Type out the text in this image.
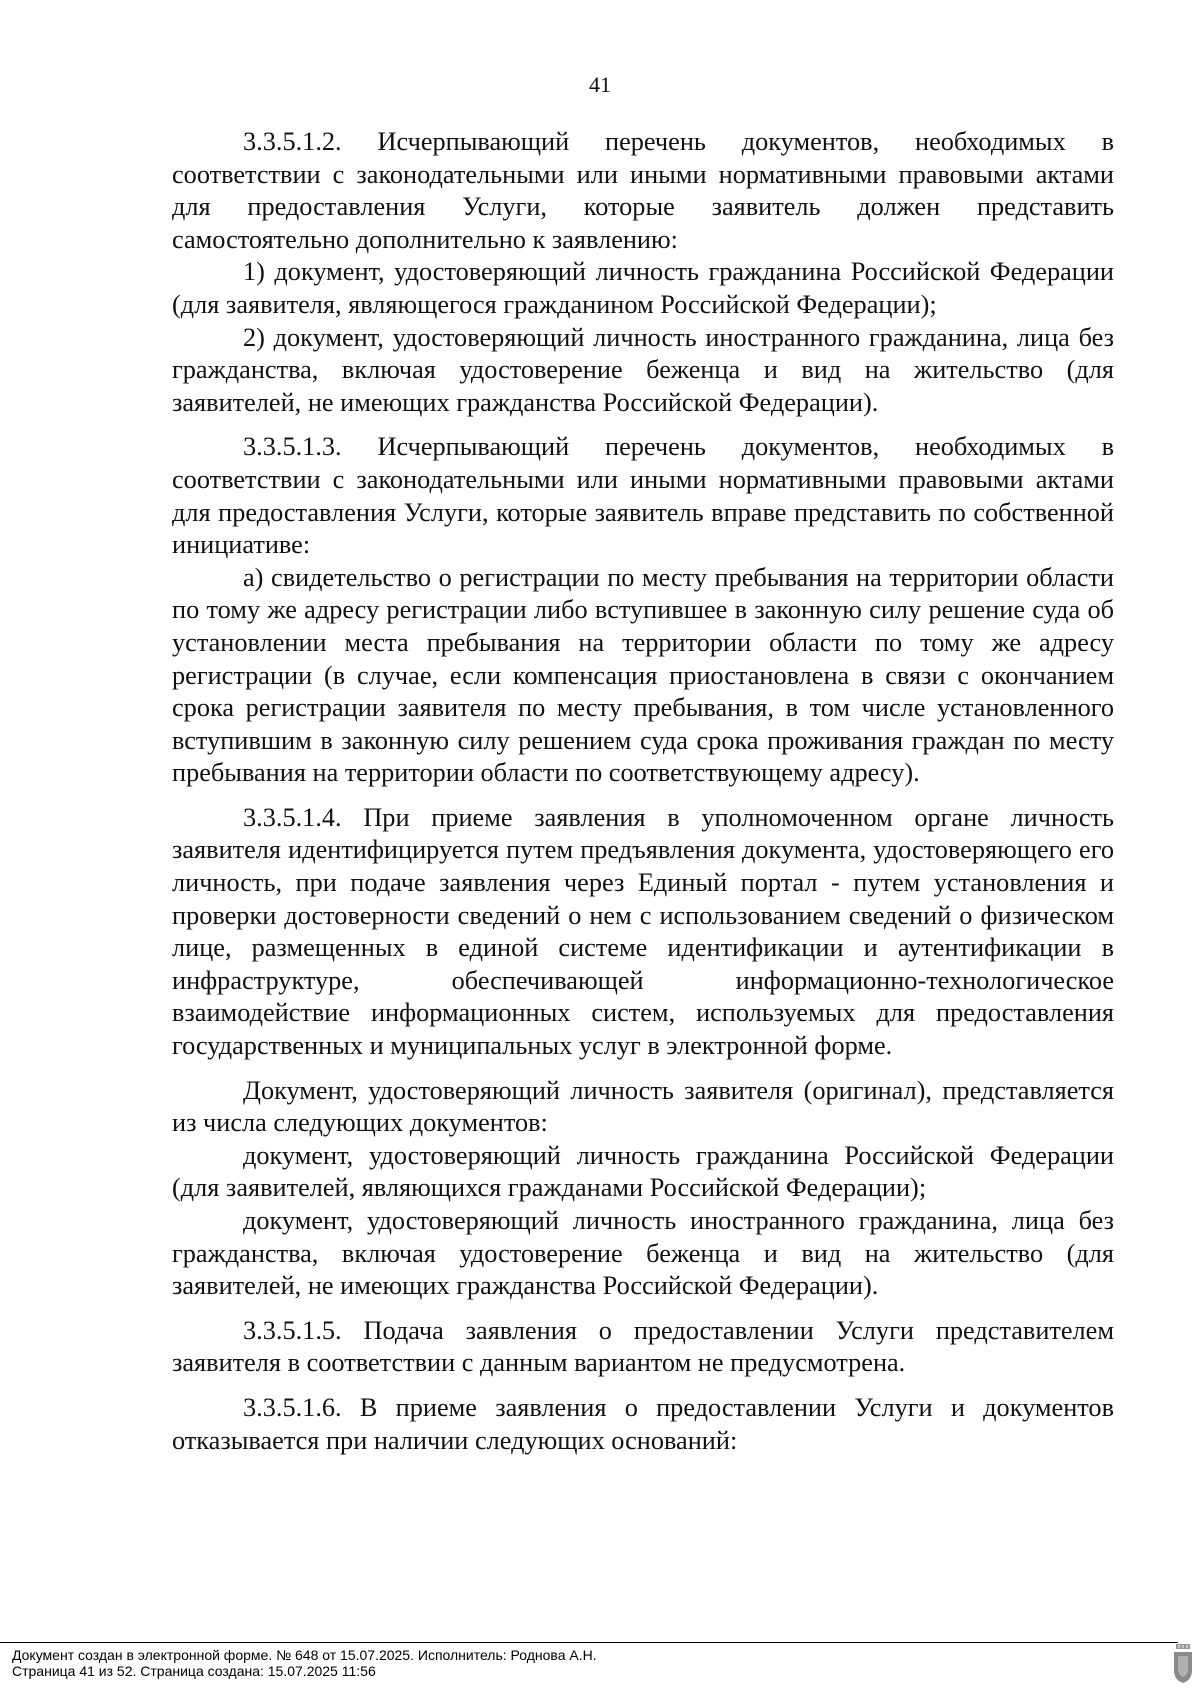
41

3.3.5.1.2. Исчерпывающий перечень документов, необходимых в соответствии с законодательными или иными нормативными правовыми актами для предоставления Услуги, которые заявитель должен представить самостоятельно дополнительно к заявлению:

1) документ, удостоверяющий личность гражданина Российской Федерации (для заявителя, являющегося гражданином Российской Федерации);

2) документ, удостоверяющий личность иностранного гражданина, лица без гражданства, включая удостоверение беженца и вид на жительство (для заявителей, не имеющих гражданства Российской Федерации).

3.3.5.1.3. Исчерпывающий перечень документов, необходимых в соответствии с законодательными или иными нормативными правовыми актами для предоставления Услуги, которые заявитель вправе представить по собственной инициативе:

а) свидетельство о регистрации по месту пребывания на территории области по тому же адресу регистрации либо вступившее в законную силу решение суда об установлении места пребывания на территории области по тому же адресу регистрации (в случае, если компенсация приостановлена в связи с окончанием срока регистрации заявителя по месту пребывания, в том числе установленного вступившим в законную силу решением суда срока проживания граждан по месту пребывания на территории области по соответствующему адресу).

3.3.5.1.4. При приеме заявления в уполномоченном органе личность заявителя идентифицируется путем предъявления документа, удостоверяющего его личность, при подаче заявления через Единый портал - путем установления и проверки достоверности сведений о нем с использованием сведений о физическом лице, размещенных в единой системе идентификации и аутентификации в инфраструктуре, обеспечивающей информационно-технологическое взаимодействие информационных систем, используемых для предоставления государственных и муниципальных услуг в электронной форме.

Документ, удостоверяющий личность заявителя (оригинал), представляется из числа следующих документов:

документ, удостоверяющий личность гражданина Российской Федерации (для заявителей, являющихся гражданами Российской Федерации);

документ, удостоверяющий личность иностранного гражданина, лица без гражданства, включая удостоверение беженца и вид на жительство (для заявителей, не имеющих гражданства Российской Федерации).

3.3.5.1.5. Подача заявления о предоставлении Услуги представителем заявителя в соответствии с данным вариантом не предусмотрена.

3.3.5.1.6. В приеме заявления о предоставлении Услуги и документов отказывается при наличии следующих оснований:

Документ создан в электронной форме. № 648 от 15.07.2025. Исполнитель: Роднова А.Н.
Страница 41 из 52. Страница создана: 15.07.2025 11:56
